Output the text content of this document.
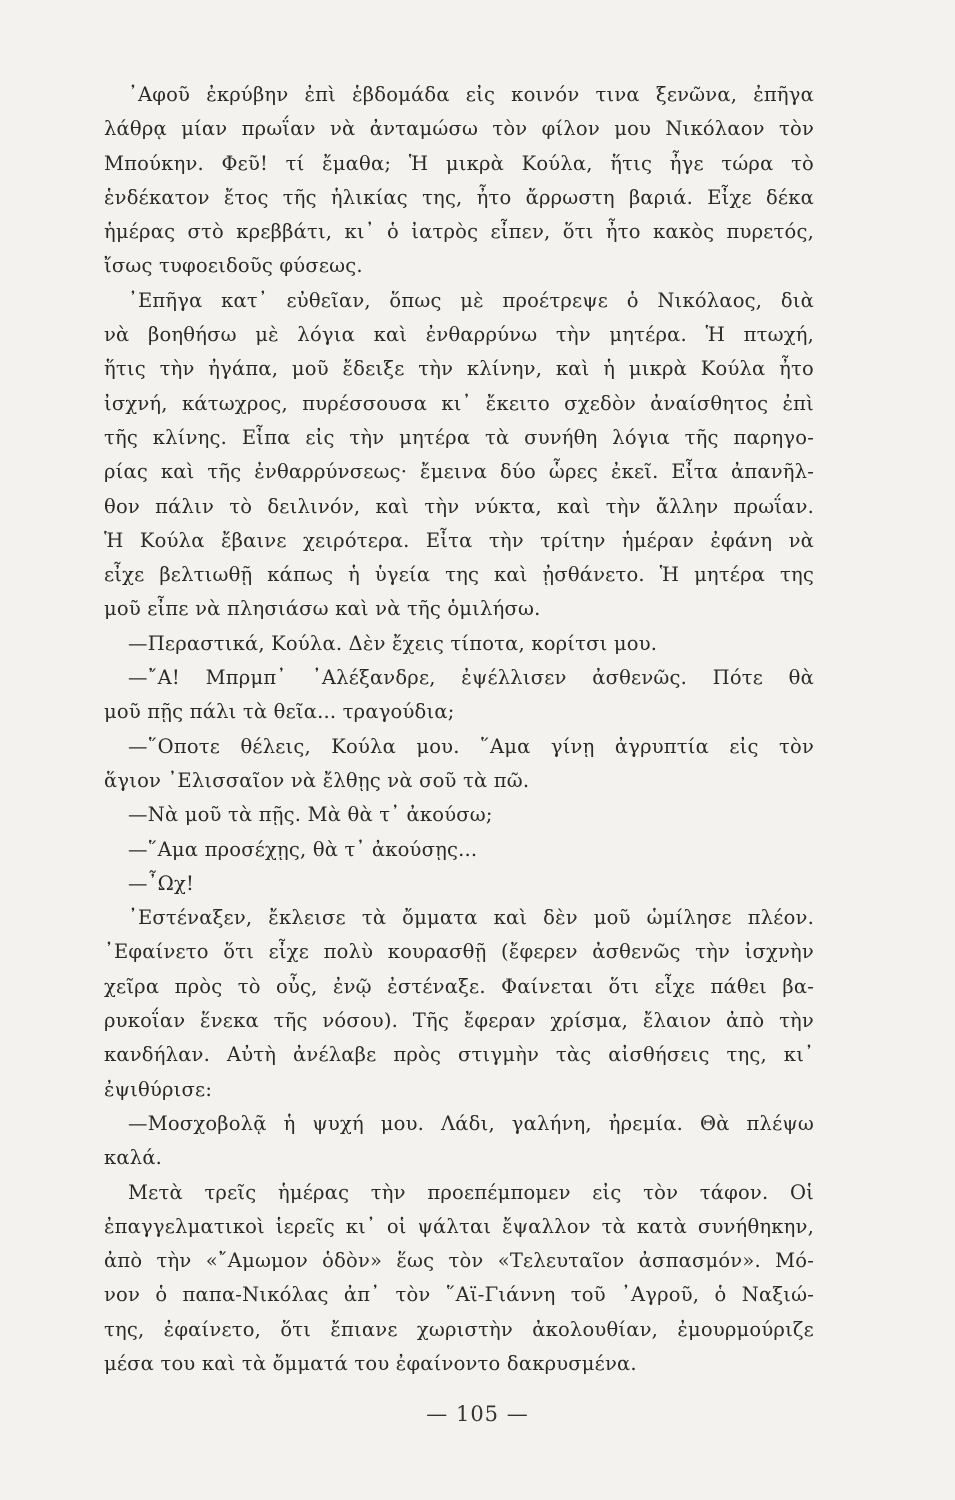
᾿Αφοῦ ἐκρύβην ἐπὶ ἑβδομάδα εἰς κοινόν τινα ξενῶνα, ἐπῆγα
λάθρᾳ μίαν πρωΐαν νὰ ἀνταμώσω τὸν φίλον μου Νικόλαον τὸν
Μπούκην. Φεῦ! τί ἔμαθα; Ἡ μικρὰ Κούλα, ἥτις ἦγε τώρα τὸ
ἑνδέκατον ἔτος τῆς ἡλικίας της, ἦτο ἄρρωστη βαριά. Εἶχε δέκα
ἡμέρας στὸ κρεββάτι, κι᾿ ὁ ἰατρὸς εἶπεν, ὅτι ἦτο κακὸς πυρετός,
ἴσως τυφοειδοῦς φύσεως.
᾿Επῆγα κατ᾿ εὐθεῖαν, ὅπως μὲ προέτρεψε ὁ Νικόλαος, διὰ
νὰ βοηθήσω μὲ λόγια καὶ ἐνθαρρύνω τὴν μητέρα. Ἡ πτωχή,
ἥτις τὴν ἠγάπα, μοῦ ἔδειξε τὴν κλίνην, καὶ ἡ μικρὰ Κούλα ἦτο
ἰσχνή, κάτωχρος, πυρέσσουσα κι᾿ ἔκειτο σχεδὸν ἀναίσθητος ἐπὶ
τῆς κλίνης. Εἶπα εἰς τὴν μητέρα τὰ συνήθη λόγια τῆς παρηγο-
ρίας καὶ τῆς ἐνθαρρύνσεως· ἔμεινα δύο ὧρες ἐκεῖ. Εἶτα ἀπανῆλ-
θον πάλιν τὸ δειλινόν, καὶ τὴν νύκτα, καὶ τὴν ἄλλην πρωΐαν.
Ἡ Κούλα ἔβαινε χειρότερα. Εἶτα τὴν τρίτην ἡμέραν ἐφάνη νὰ
εἶχε βελτιωθῇ κάπως ἡ ὑγεία της καὶ ᾐσθάνετο. Ἡ μητέρα της
μοῦ εἶπε νὰ πλησιάσω καὶ νὰ τῆς ὁμιλήσω.
—Περαστικά, Κούλα. Δὲν ἔχεις τίποτα, κορίτσι μου.
—῎Α! Μπρμπ᾿ ᾿Αλέξανδρε, ἐψέλλισεν ἀσθενῶς. Πότε θὰ
μοῦ πῇς πάλι τὰ θεῖα... τραγούδια;
—῞Οποτε θέλεις, Κούλα μου. ῞Αμα γίνῃ ἀγρυπτία εἰς τὸν
ἅγιον ᾿Ελισσαῖον νὰ ἔλθῃς νὰ σοῦ τὰ πῶ.
—Νὰ μοῦ τὰ πῇς. Μὰ θὰ τ᾿ ἀκούσω;
—῞Αμα προσέχῃς, θὰ τ᾿ ἀκούσῃς...
—῏Ωχ!
᾿Εστέναξεν, ἔκλεισε τὰ ὄμματα καὶ δὲν μοῦ ὡμίλησε πλέον.
᾿Εφαίνετο ὅτι εἶχε πολὺ κουρασθῇ (ἔφερεν ἀσθενῶς τὴν ἰσχνὴν
χεῖρα πρὸς τὸ οὖς, ἐνῷ ἐστέναξε. Φαίνεται ὅτι εἶχε πάθει βα-
ρυκοΐαν ἕνεκα τῆς νόσου). Τῆς ἔφεραν χρίσμα, ἔλαιον ἀπὸ τὴν
κανδήλαν. Αὐτὴ ἀνέλαβε πρὸς στιγμὴν τὰς αἰσθήσεις της, κι᾿
ἐψιθύρισε:
—Μοσχοβολᾷ ἡ ψυχή μου. Λάδι, γαλήνη, ἠρεμία. Θὰ πλέψω
καλά.
Μετὰ τρεῖς ἡμέρας τὴν προεπέμπομεν εἰς τὸν τάφον. Οἱ
ἐπαγγελματικοὶ ἱερεῖς κι᾿ οἱ ψάλται ἔψαλλον τὰ κατὰ συνήθηκην,
ἀπὸ τὴν «῎Αμωμον ὁδὸν» ἕως τὸν «Τελευταῖον ἀσπασμόν». Μό-
νον ὁ παπα-Νικόλας ἀπ᾿ τὸν ῞Αϊ-Γιάννη τοῦ ᾿Αγροῦ, ὁ Ναξιώ-
της, ἐφαίνετο, ὅτι ἔπιανε χωριστὴν ἀκολουθίαν, ἐμουρμούριζε
μέσα του καὶ τὰ ὄμματά του ἐφαίνοντο δακρυσμένα.
— 105 —
